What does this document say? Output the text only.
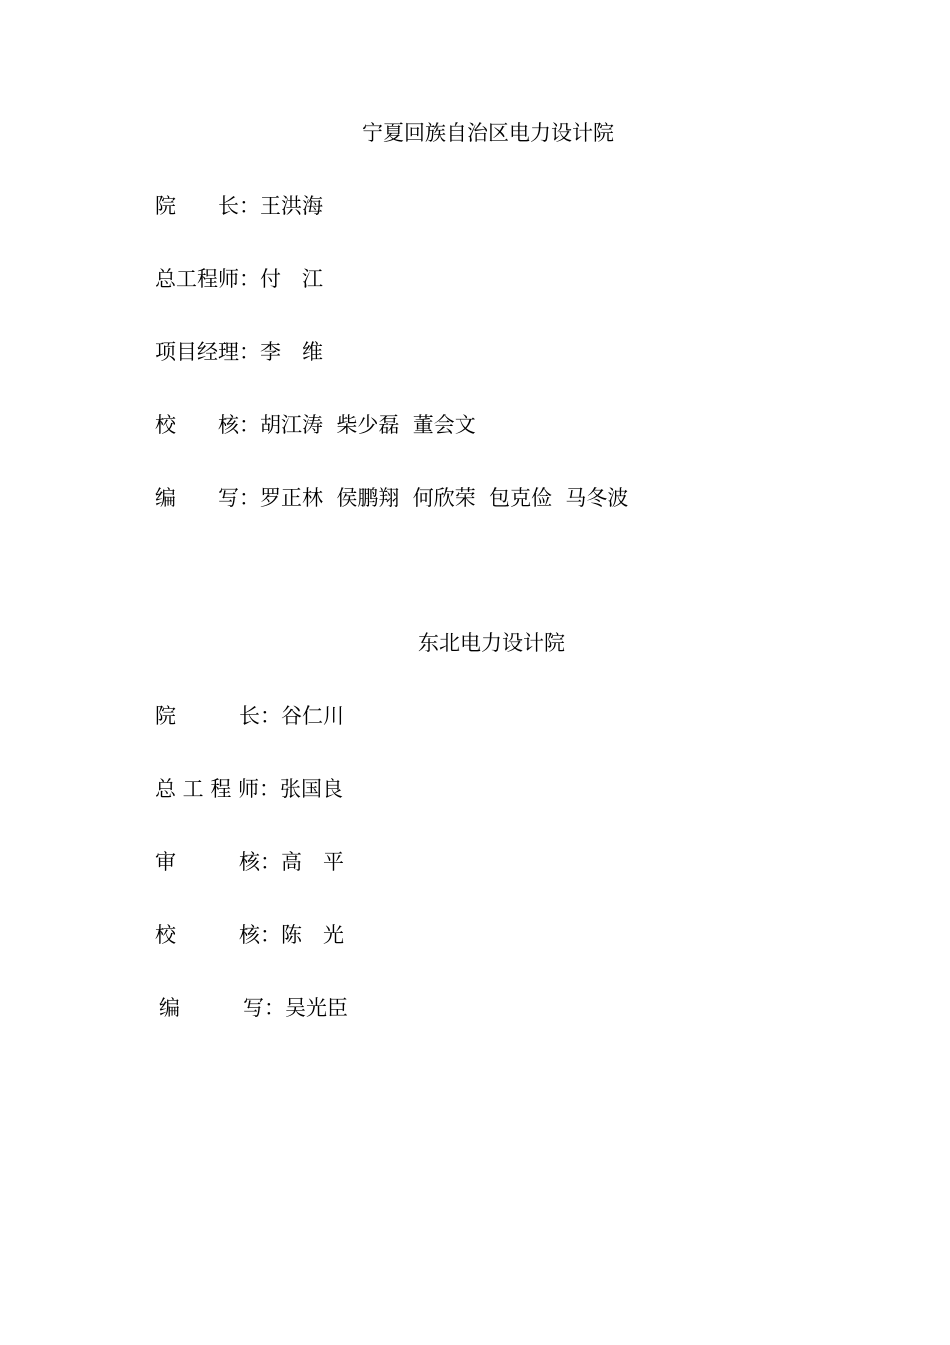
宁夏回族自治区电力设计院
院　　长：王洪海
总工程师：付　江
项目经理：李　维
校　　核：胡江涛  柴少磊  董会文
编　　写：罗正林  侯鹏翔  何欣荣  包克俭  马冬波
东北电力设计院
院　　　长：谷仁川
总 工 程 师：张国良
审　　　核：高　平
校　　　核：陈　光
编　　　写：吴光臣
